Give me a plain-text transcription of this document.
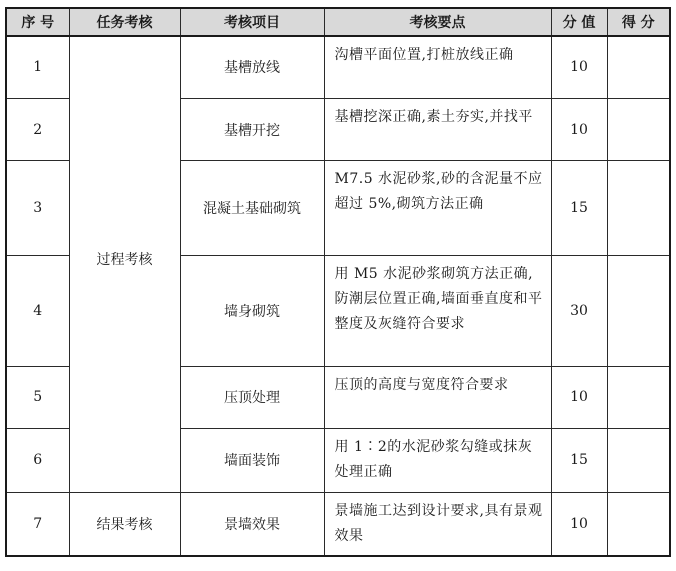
序 号	任务考核	考核项目	考核要点	分 值	得 分
1	过程考核	基槽放线	沟槽平面位置,打桩放线正确	10	
2		基槽开挖	基槽挖深正确,素土夯实,并找平	10	
3		混凝土基础砌筑	M7.5 水泥砂浆,砂的含泥量不应超过 5%,砌筑方法正确	15	
4		墙身砌筑	用 M5 水泥砂浆砌筑方法正确,防潮层位置正确,墙面垂直度和平整度及灰缝符合要求	30	
5		压顶处理	压顶的高度与宽度符合要求	10	
6		墙面装饰	用 1∶2的水泥砂浆勾缝或抹灰处理正确	15	
7	结果考核	景墙效果	景墙施工达到设计要求,具有景观效果	10	
